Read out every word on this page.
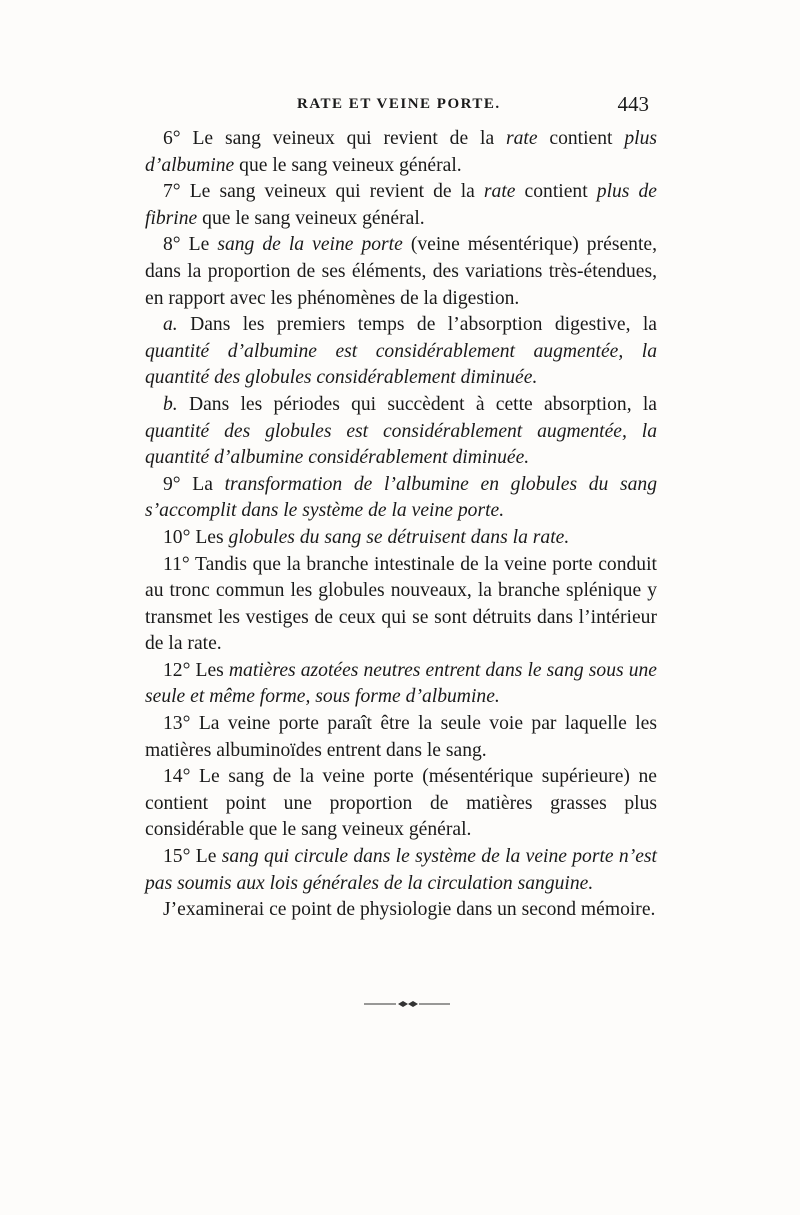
RATE ET VEINE PORTE.	443

6° Le sang veineux qui revient de la rate contient plus d’albumine que le sang veineux général.

7° Le sang veineux qui revient de la rate contient plus de fibrine que le sang veineux général.

8° Le sang de la veine porte (veine mésentérique) présente, dans la proportion de ses éléments, des variations très-étendues, en rapport avec les phénomènes de la digestion.

a. Dans les premiers temps de l’absorption digestive, la quantité d’albumine est considérablement augmentée, la quantité des globules considérablement diminuée.

b. Dans les périodes qui succèdent à cette absorption, la quantité des globules est considérablement augmentée, la quantité d’albumine considérablement diminuée.

9° La transformation de l’albumine en globules du sang s’accomplit dans le système de la veine porte.

10° Les globules du sang se détruisent dans la rate.

11° Tandis que la branche intestinale de la veine porte conduit au tronc commun les globules nouveaux, la branche splénique y transmet les vestiges de ceux qui se sont détruits dans l’intérieur de la rate.

12° Les matières azotées neutres entrent dans le sang sous une seule et même forme, sous forme d’albumine.

13° La veine porte paraît être la seule voie par laquelle les matières albuminoïdes entrent dans le sang.

14° Le sang de la veine porte (mésentérique supérieure) ne contient point une proportion de matières grasses plus considérable que le sang veineux général.

15° Le sang qui circule dans le système de la veine porte n’est pas soumis aux lois générales de la circulation sanguine.

J’examinerai ce point de physiologie dans un second mémoire.
